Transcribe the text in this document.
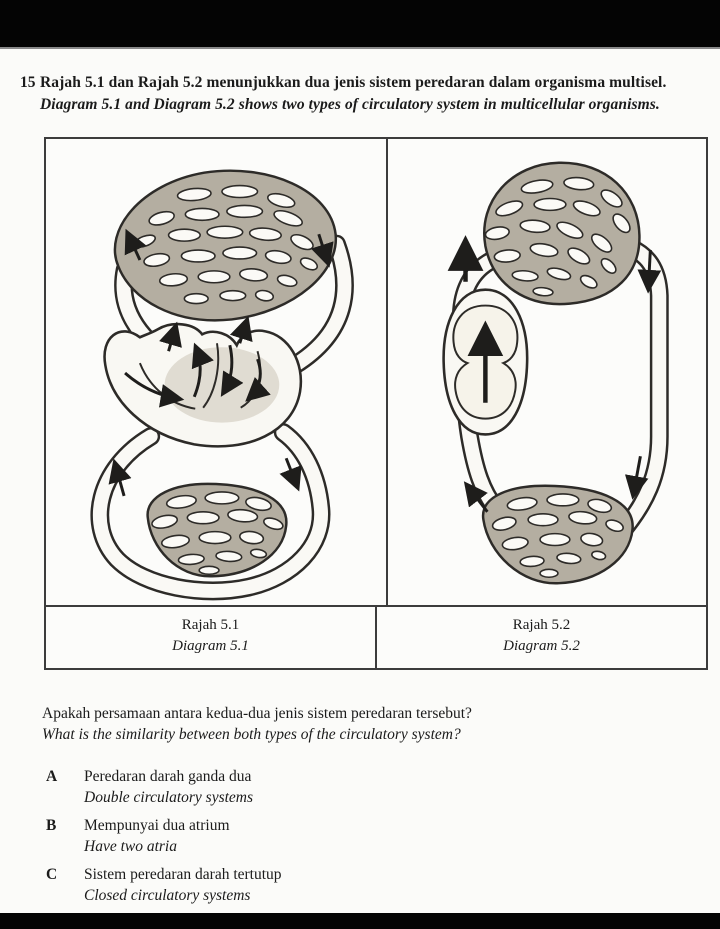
15 Rajah 5.1 dan Rajah 5.2 menunjukkan dua jenis sistem peredaran dalam organisma multisel.
Diagram 5.1 and Diagram 5.2 shows two types of circulatory system in multicellular organisms.
Rajah 5.1
Diagram 5.1
Rajah 5.2
Diagram 5.2
Apakah persamaan antara kedua-dua jenis sistem peredaran tersebut?
What is the similarity between both types of the circulatory system?
A	Peredaran darah ganda dua
Double circulatory systems
B	Mempunyai dua atrium
Have two atria
C	Sistem peredaran darah tertutup
Closed circulatory systems
